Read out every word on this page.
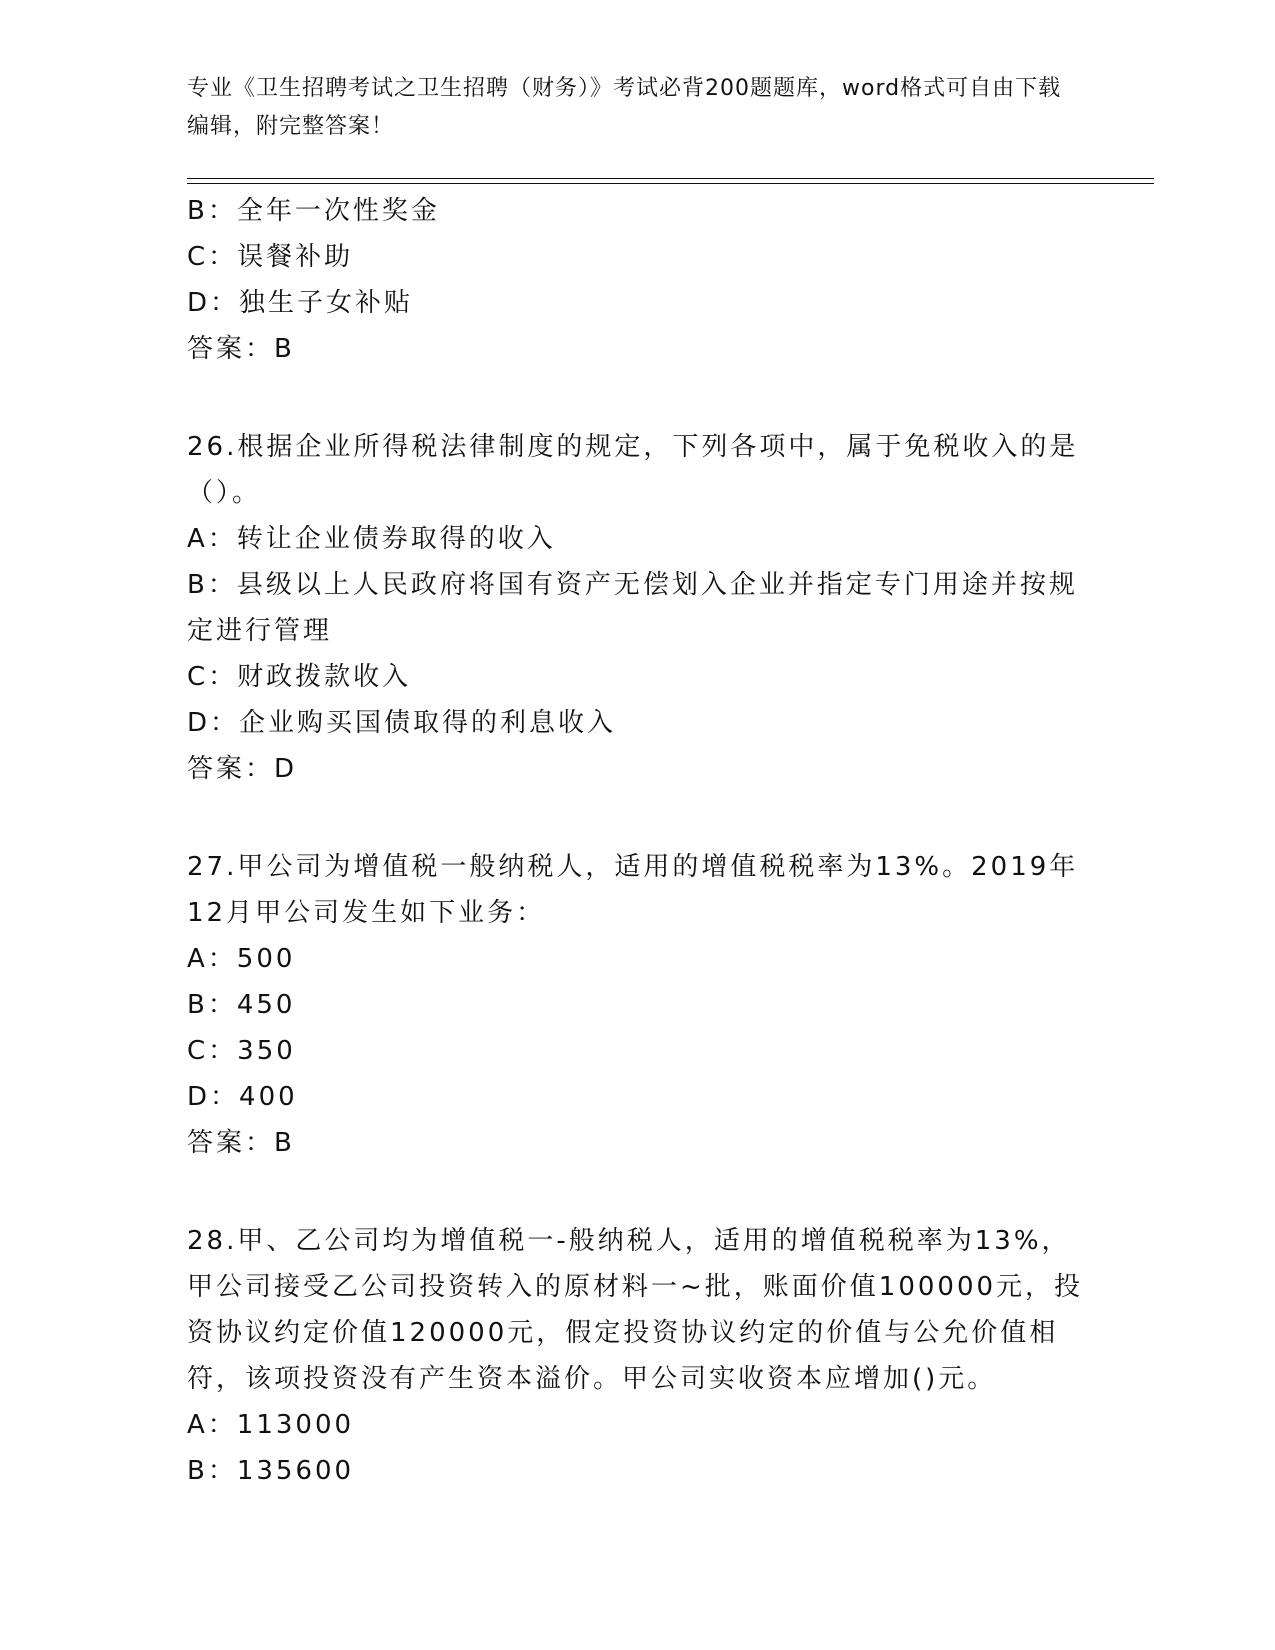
专业《卫生招聘考试之卫生招聘（财务）》考试必背200题题库，word格式可自由下载编辑，附完整答案！
B：全年一次性奖金
C：误餐补助
D：独生子女补贴
答案：B
26.根据企业所得税法律制度的规定，下列各项中，属于免税收入的是（）。
A：转让企业债券取得的收入
B：县级以上人民政府将国有资产无偿划入企业并指定专门用途并按规定进行管理
C：财政拨款收入
D：企业购买国债取得的利息收入
答案：D
27.甲公司为增值税一般纳税人，适用的增值税税率为13%。2019年12月甲公司发生如下业务：
A：500
B：450
C：350
D：400
答案：B
28.甲、乙公司均为增值税一-般纳税人，适用的增值税税率为13%，甲公司接受乙公司投资转入的原材料一~批，账面价值100000元，投资协议约定价值120000元，假定投资协议约定的价值与公允价值相符，该项投资没有产生资本溢价。甲公司实收资本应增加()元。
A：113000
B：135600
